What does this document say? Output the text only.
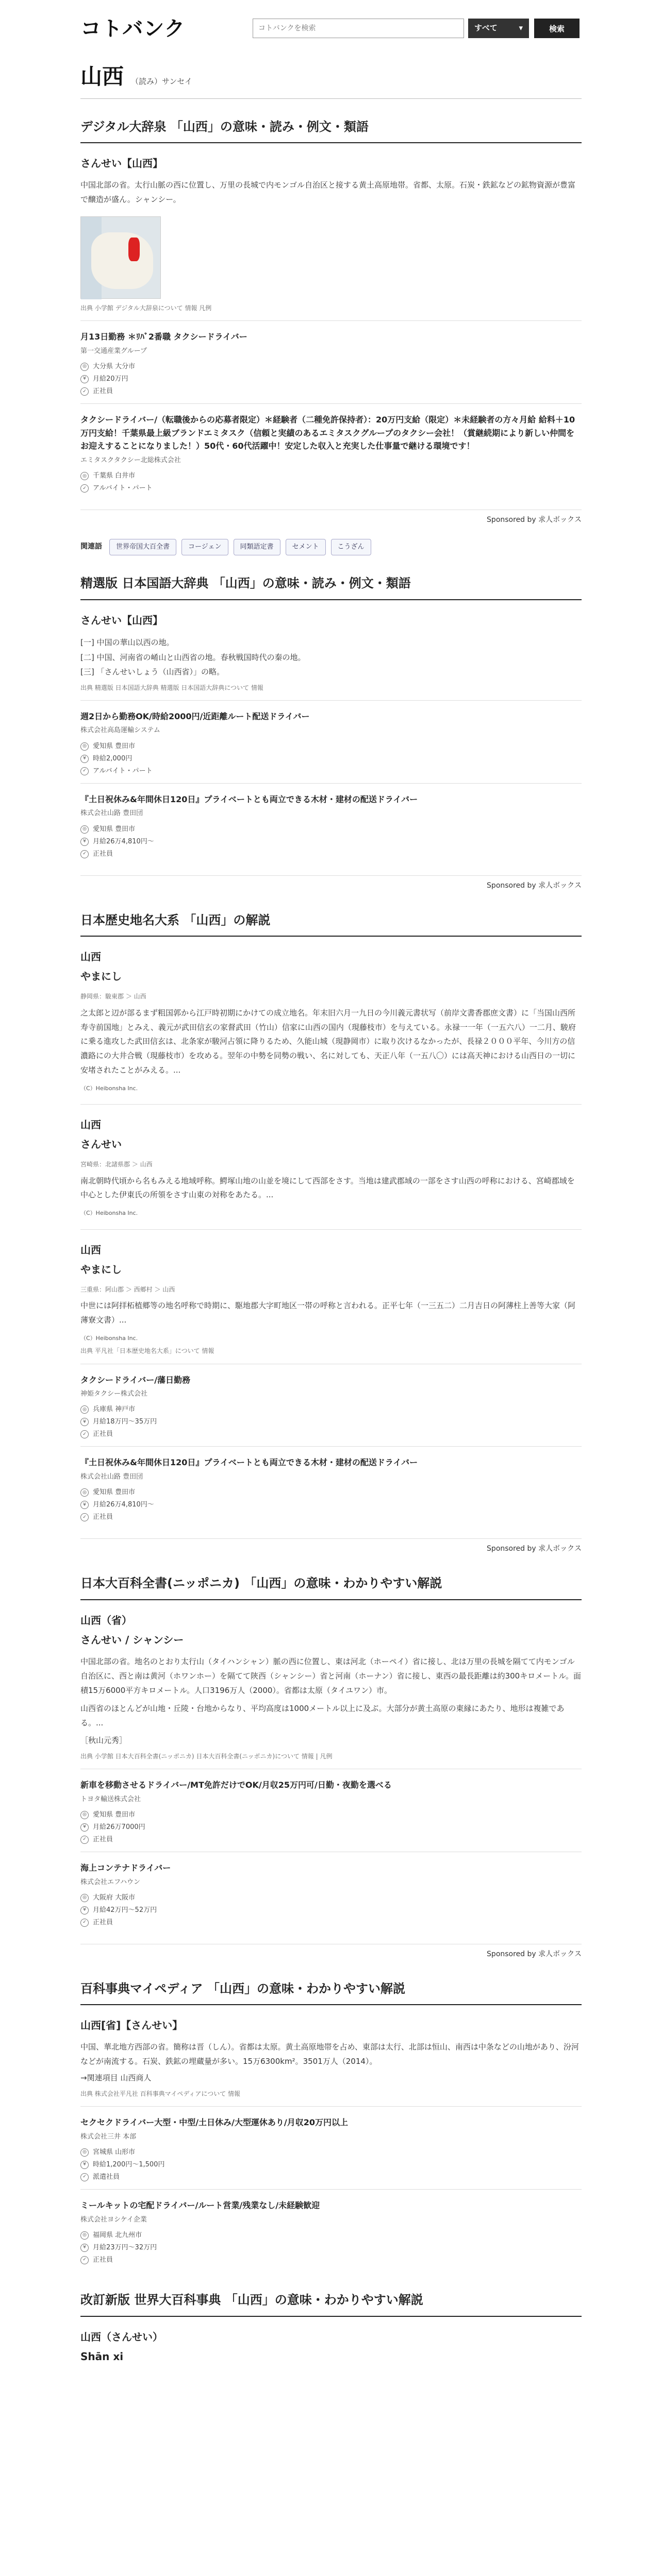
コトバンク
コトバンクを検索	すべて	▾	検索
山西 （読み）サンセイ
デジタル大辞泉 「山西」の意味・読み・例文・類語
さんせい【山西】
中国北部の省。太行山脈の西に位置し、万里の長城で内モンゴル自治区と接する黄土高原地帯。省都、太原。石炭・鉄鉱などの鉱物資源が豊富で醸造が盛ん。シャンシー。
出典 小学館 デジタル大辞泉について 情報 凡例
月13日勤務 ＊ﾘﾊﾞ2番職 タクシードライバー
第一交通産業グループ
◎ 大分県 大分市
¥	月給20万円
✓ 正社員
タクシードライバー/（転職後からの応募者限定）＊経験者（二種免許保持者）：20万円支給（限定）＊未経験者の方々月給 給料＋10万円支給！千葉県最上級ブランドエミタスク（信頼と実績のあるエミタスクグループのタクシー会社！（賞継続期により新しい仲間をお迎えすることになりました！）50代・60代活躍中！安定した収入と充実した仕事量で継ける環境です！
エミタスクタクシー北総株式会社
◎ 千葉県 白井市
✓ アルバイト・パート
Sponsored by 求人ボックス
関連語	世界帝国大百全書	コージェン	同類語定書	セメント	こうざん
精選版 日本国語大辞典 「山西」の意味・読み・例文・類語
さんせい【山西】
[一] 中国の華山以西の地。
[二] 中国、河南省の崤山と山西省の地。春秋戦国時代の秦の地。
[三] 「さんせいしょう（山西省）」の略。
出典 精選版 日本国語大辞典 精選版 日本国語大辞典について 情報
週2日から勤務OK/時給2000円/近距離ルート配送ドライバー
株式会社高島運輸システム
◎ 愛知県 豊田市
¥	時給2,000円
✓ アルバイト・パート
『土日祝休み&年間休日120日』プライベートとも両立できる木材・建材の配送ドライバー
株式会社山路 豊田団
◎ 愛知県 豊田市
¥	月給26万4,810円～
✓ 正社員
Sponsored by 求人ボックス
日本歴史地名大系 「山西」の解説
山西
やまにし
静岡県：駿東郡 ＞ 山西
之太郎と辺が部るまず粗国郭から江戸時初期にかけての成立地名。年末旧六月一九日の今川義元書状写（前岸文書香郡庶文書）に「当国山西所寿寺前国地」とみえ、義元が武田信玄の家督武田（竹山）信家に山西の国内（現藤枝市）を与えている。永禄一一年（一五六八）一二月、駿府に乗る進攻した武田信玄は、北条家が駿河占領に降りるため、久能山城（現静岡市）に取り次けるなかったが、長禄２０００平年、今川方の信濃路にの大井合戦（現藤枝市）を攻める。翌年の中勢を同勢の戦い、名に対しても、天正八年（一五八〇）には高天神における山西日の一切に安堵されたことがみえる。...
（C）Heibonsha Inc.
山西
さんせい
宮崎県：北諸県郡 ＞ 山西
南北朝時代頃から名もみえる地域呼称。鰐塚山地の山並を境にして西部をさす。当地は建武郡域の一部をさす山西の呼称における、宮崎郡域を中心とした伊東氏の所領をさす山東の対称をあたる。...
（C）Heibonsha Inc.
山西
やまにし
三重県：阿山郡 ＞ 西郷村 ＞ 山西
中世には阿拝柘植郷等の地名呼称で時期に、駆地郡大字町地区一帯の呼称と言われる。正平七年（一三五二）二月吉日の阿薄柱上善等大家（阿薄寮文書）...
（C）Heibonsha Inc.
出典 平凡社「日本歴史地名大系」について 情報
タクシードライバー/藩日勤務
神姫タクシー株式会社
◎ 兵庫県 神戸市
¥	月給18万円～35万円
✓ 正社員
『土日祝休み&年間休日120日』プライベートとも両立できる木材・建材の配送ドライバー
株式会社山路 豊田団
◎ 愛知県 豊田市
¥	月給26万4,810円～
✓ 正社員
Sponsored by 求人ボックス
日本大百科全書(ニッポニカ) 「山西」の意味・わかりやすい解説
山西（省）
さんせい / シャンシー
中国北部の省。地名のとおり太行山（タイハンシャン）脈の西に位置し、東は河北（ホーペイ）省に接し、北は万里の長城を隔てて内モンゴル自治区に、西と南は黄河（ホワンホー）を隔てて陝西（シャンシー）省と河南（ホーナン）省に接し、東西の最長距離は約300キロメートル。面積15万6000平方キロメートル。人口3196万人（2000）。省都は太原（タイユワン）市。
山西省のほとんどが山地・丘陵・台地からなり、平均高度は1000メートル以上に及ぶ。大部分が黄土高原の東縁にあたり、地形は複雑である。...
［秋山元秀］
出典 小学館 日本大百科全書(ニッポニカ) 日本大百科全書(ニッポニカ)について 情報 | 凡例
新車を移動させるドライバー/MT免許だけでOK/月収25万円可/日勤・夜勤を選べる
トヨタ輸送株式会社
◎ 愛知県 豊田市
¥	月給26万7000円
✓ 正社員
海上コンテナドライバー
株式会社エフハウン
◎ 大阪府 大阪市
¥	月給42万円～52万円
✓ 正社員
Sponsored by 求人ボックス
百科事典マイペディア 「山西」の意味・わかりやすい解説
山西[省]【さんせい】
中国、華北地方西部の省。簡称は晋（しん）。省都は太原。黄土高原地帯を占め、東部は太行、北部は恒山、南西は中条などの山地があり、汾河などが南流する。石炭、鉄鉱の埋蔵量が多い。15万6300km²。3501万人（2014）。
→関連項目 山西商人
出典 株式会社平凡社 百科事典マイペディアについて 情報
セクセクドライバー大型・中型/土日休み/大型運休あり/月収20万円以上
株式会社三井 本部
◎ 宮城県 山形市
¥	時給1,200円～1,500円
✓ 派遣社員
ミールキットの宅配ドライバー/ルート営業/残業なし/未経験歓迎
株式会社ヨシケイ企業
◎ 福岡県 北九州市
¥	月給23万円～32万円
✓ 正社員
改訂新版 世界大百科事典 「山西」の意味・わかりやすい解説
山西（さんせい）
Shān xi
